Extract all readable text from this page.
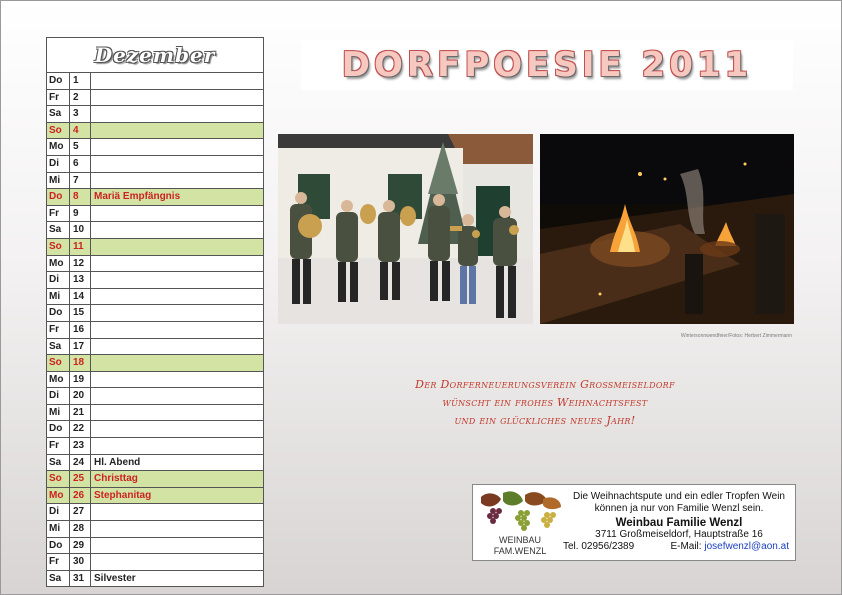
Dezember
Do	1
Fr	2
Sa	3
So	4
Mo 5
Di	6
Mi	7
Do	8	Mariä Empfängnis
Fr	9
Sa	10
So	11
Mo 12
Di	13
Mi	14
Do	15
Fr	16
Sa	17
So	18
Mo 19
Di	20
Mi	21
Do	22
Fr	23
Sa	24 Hl. Abend
So	25 Christtag
Mo 26 Stephanitag
Di	27
Mi	28
Do	29
Fr	30
Sa	31 Silvester
DORFPOESIE 2011
Wintersonnwendfeier/Fotos: Herbert Zimmermann
Der Dorferneuerungsverein Großmeiseldorf
wünscht ein frohes Weihnachtsfest
und ein glückliches neues Jahr!
WEINBAU
FAM.WENZL
Die Weihnachtspute und ein edler Tropfen Wein
können ja nur von Familie Wenzl sein.
Weinbau Familie Wenzl
3711 Großmeiseldorf, Hauptstraße 16
Tel. 02956/2389	E-Mail: josefwenzl@aon.at
